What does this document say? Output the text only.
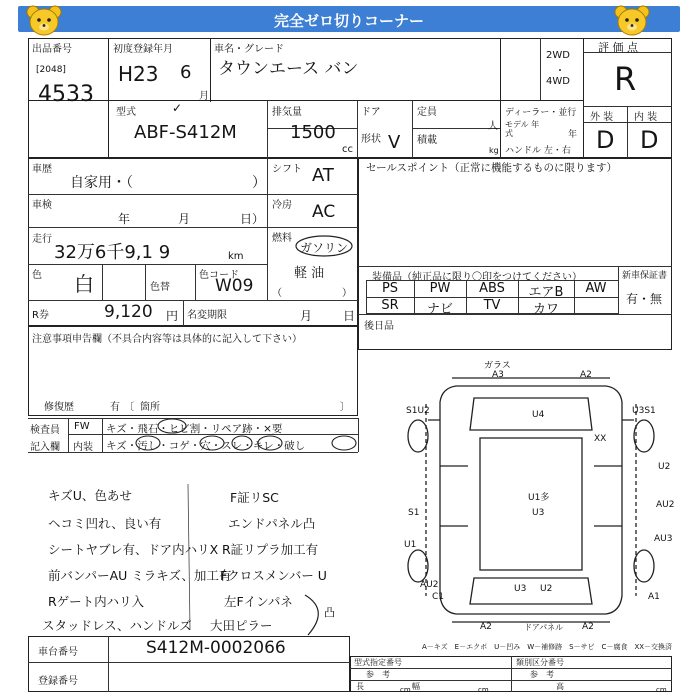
完全ゼロ切りコーナー
出品番号
[2048]
4533
初度登録年月
H23 6
月
車名・グレード
タウンエース バン
2WD
・
4WD
評 価 点
R
外 装 内 装
D D
型式	✓
ABF-S412M
排気量
1500
cc
ドア
形状 V
定員
人
積載
kg
ディーラー・並行
モデル 年式	年
ハンドル 左・右
車歴
自家用・（	）
シフト AT
車検
年	月	日）
冷房 AC
走行
32万6千9,1 9	km
燃料
ガソリン
（
軽 油
）
色 白	色替
色コード
W09
R券	9,120 円 名変期限	月	日
セールスポイント（正常に機能するものに限ります）
装備品（純正品に限り〇印をつけてください）	新車保証書
有・無
PS	PW	ABS	エアB	AW
SR	ナビ	TV	カワ
後日品
注意事項申告欄（不具合内容等は具体的に記入して下さい）
修復歴	有 〔 箇所	〕
検査員
記入欄
FW キズ・飛石・ヒビ割・リペア跡・×要
内装 キズ・汚し・コゲ・穴・スレ・キレ・破し
キズU、色あせ
ヘコミ凹れ、良い有
シートヤブレ有、ドア内ハリX
前バンパーAU ミラキズ、加工有
Rゲート内ハリ入
スタッドレス、ハンドルズ
F証リSC
エンドパネル凸
R証リプラ加工有
Fクロスメンバー U
左Fインパネ
大田ピラー
凸
ガラス
A3	A2
S1U2	U4	U3S1
XX
U2
U1多
U3
S1
AU2
U1
AU3
AU2
C1
U3 U2
A1
A2	ドアパネル A2
A－キズ　E－エクボ　U－凹み　W－補修跡　S－サビ　C－腐食　XX－交換済
車台番号	S412M-0002066
登録番号
型式指定番号
参　考
類別区分番号
参　考
長	cm 幅	cm	高	cm
